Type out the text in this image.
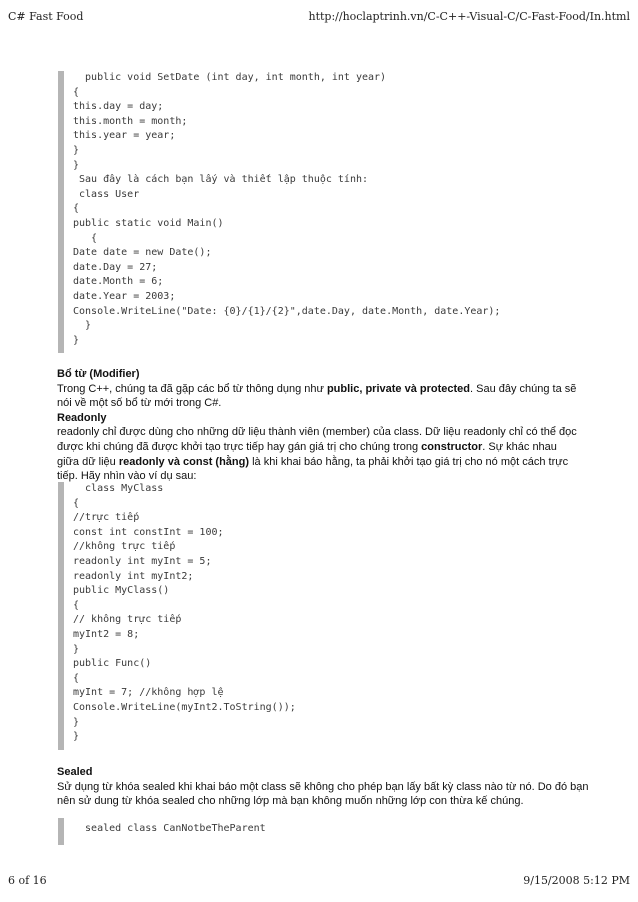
C# Fast Food	http://hoclaptrinh.vn/C-C++-Visual-C/C-Fast-Food/In.html
public void SetDate (int day, int month, int year)
{
this.day = day;
this.month = month;
this.year = year;
}
}
Sau đây là cách bạn lấy và thiết lập thuộc tính:
class User
{
public static void Main()
{
Date date = new Date();
date.Day = 27;
date.Month = 6;
date.Year = 2003;
Console.WriteLine("Date: {0}/{1}/{2}",date.Day, date.Month, date.Year);
}
}

Bổ từ (Modifier)

Trong C++, chúng ta đã gặp các bổ từ thông dụng như public, private và protected. Sau đây chúng ta sẽ nói về một số bổ từ mới trong C#.

Readonly

readonly chỉ được dùng cho những dữ liệu thành viên (member) của class. Dữ liệu readonly chỉ có thể đọc được khi chúng đã được khởi tạo trực tiếp hay gán giá trị cho chúng trong constructor. Sự khác nhau giữa dữ liệu readonly và const (hằng) là khi khai báo hằng, ta phải khởi tạo giá trị cho nó một cách trực tiếp. Hãy nhìn vào ví dụ sau:

class MyClass
{
//trực tiếp
const int constInt = 100;
//không trực tiếp
readonly int myInt = 5;
readonly int myInt2;
public MyClass()
{
// không trực tiếp
myInt2 = 8;
}
public Func()
{
myInt = 7; //không hợp lệ
Console.WriteLine(myInt2.ToString());
}
}

Sealed

Sử dụng từ khóa sealed khi khai báo một class sẽ không cho phép bạn lấy bất kỳ class nào từ nó. Do đó bạn nên sử dung từ khóa sealed cho những lớp mà bạn không muốn những lớp con thừa kế chúng.

sealed class CanNotbeTheParent
6 of 16	9/15/2008 5:12 PM
